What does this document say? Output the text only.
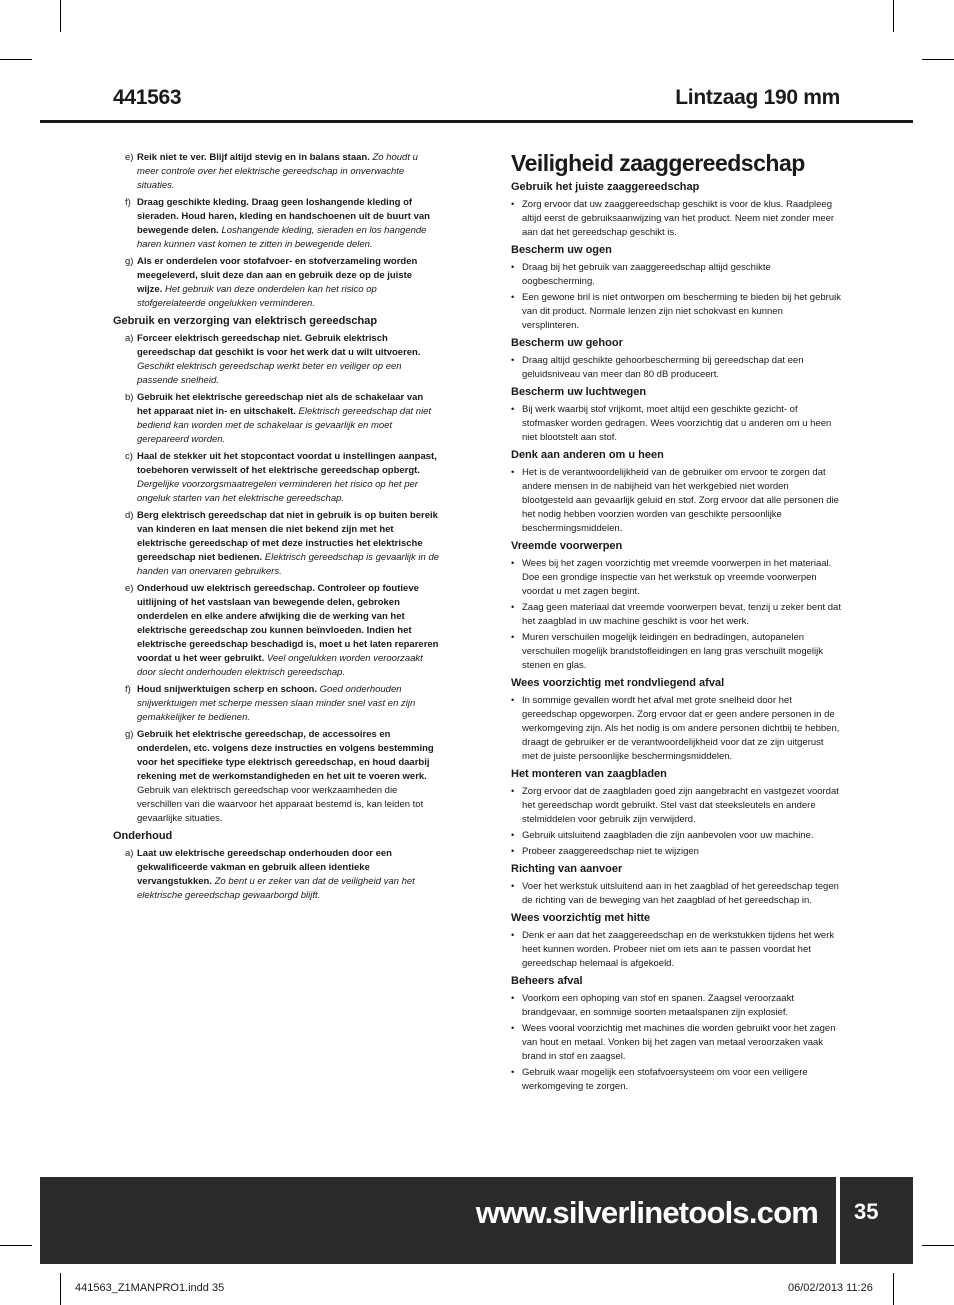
441563	Lintzaag 190 mm
e) Reik niet te ver. Blijf altijd stevig en in balans staan. Zo houdt u meer controle over het elektrische gereedschap in onverwachte situaties.
f) Draag geschikte kleding. Draag geen loshangende kleding of sieraden. Houd haren, kleding en handschoenen uit de buurt van bewegende delen. Loshangende kleding, sieraden en los hangende haren kunnen vast komen te zitten in bewegende delen.
g) Als er onderdelen voor stofafvoer- en stofverzameling worden meegeleverd, sluit deze dan aan en gebruik deze op de juiste wijze. Het gebruik van deze onderdelen kan het risico op stofgerelateerde ongelukken verminderen.
Gebruik en verzorging van elektrisch gereedschap
a) Forceer elektrisch gereedschap niet. Gebruik elektrisch gereedschap dat geschikt is voor het werk dat u wilt uitvoeren. Geschikt elektrisch gereedschap werkt beter en veiliger op een passende snelheid.
b) Gebruik het elektrische gereedschap niet als de schakelaar van het apparaat niet in- en uitschakelt. Elektrisch gereedschap dat niet bediend kan worden met de schakelaar is gevaarlijk en moet gerepareerd worden.
c) Haal de stekker uit het stopcontact voordat u instellingen aanpast, toebehoren verwisselt of het elektrische gereedschap opbergt. Dergelijke voorzorgsmaatregelen verminderen het risico op het per ongeluk starten van het elektrische gereedschap.
d) Berg elektrisch gereedschap dat niet in gebruik is op buiten bereik van kinderen en laat mensen die niet bekend zijn met het elektrische gereedschap of met deze instructies het elektrische gereedschap niet bedienen. Elektrisch gereedschap is gevaarlijk in de handen van onervaren gebruikers.
e) Onderhoud uw elektrisch gereedschap. Controleer op foutieve uitlijning of het vastslaan van bewegende delen, gebroken onderdelen en elke andere afwijking die de werking van het elektrische gereedschap zou kunnen beïnvloeden. Indien het elektrische gereedschap beschadigd is, moet u het laten repareren voordat u het weer gebruikt. Veel ongelukken worden veroorzaakt door slecht onderhouden elektrisch gereedschap.
f) Houd snijwerktuigen scherp en schoon. Goed onderhouden snijwerktuigen met scherpe messen slaan minder snel vast en zijn gemakkelijker te bedienen.
g) Gebruik het elektrische gereedschap, de accessoires en onderdelen, etc. volgens deze instructies en volgens bestemming voor het specifieke type elektrisch gereedschap, en houd daarbij rekening met de werkomstandigheden en het uit te voeren werk. Gebruik van elektrisch gereedschap voor werkzaamheden die verschillen van die waarvoor het apparaat bestemd is, kan leiden tot gevaarlijke situaties.
Onderhoud
a) Laat uw elektrische gereedschap onderhouden door een gekwalificeerde vakman en gebruik alleen identieke vervangstukken. Zo bent u er zeker van dat de veiligheid van het elektrische gereedschap gewaarborgd blijft.
Veiligheid zaaggereedschap
Gebruik het juiste zaaggereedschap
• Zorg ervoor dat uw zaaggereedschap geschikt is voor de klus. Raadpleeg altijd eerst de gebruiksaanwijzing van het product. Neem niet zonder meer aan dat het gereedschap geschikt is.
Bescherm uw ogen
• Draag bij het gebruik van zaaggereedschap altijd geschikte oogbescherming.
• Een gewone bril is niet ontworpen om bescherming te bieden bij het gebruik van dit product. Normale lenzen zijn niet schokvast en kunnen versplinteren.
Bescherm uw gehoor
• Draag altijd geschikte gehoorbescherming bij gereedschap dat een geluidsniveau van meer dan 80 dB produceert.
Bescherm uw luchtwegen
• Bij werk waarbij stof vrijkomt, moet altijd een geschikte gezicht- of stofmasker worden gedragen. Wees voorzichtig dat u anderen om u heen niet blootstelt aan stof.
Denk aan anderen om u heen
• Het is de verantwoordelijkheid van de gebruiker om ervoor te zorgen dat andere mensen in de nabijheid van het werkgebied niet worden blootgesteld aan gevaarlijk geluid en stof. Zorg ervoor dat alle personen die het nodig hebben voorzien worden van geschikte persoonlijke beschermingsmiddelen.
Vreemde voorwerpen
• Wees bij het zagen voorzichtig met vreemde voorwerpen in het materiaal. Doe een grondige inspectie van het werkstuk op vreemde voorwerpen voordat u met zagen begint.
• Zaag geen materiaal dat vreemde voorwerpen bevat, tenzij u zeker bent dat het zaagblad in uw machine geschikt is voor het werk.
• Muren verschuilen mogelijk leidingen en bedradingen, autopanelen verschuilen mogelijk brandstofleidingen en lang gras verschuilt mogelijk stenen en glas.
Wees voorzichtig met rondvliegend afval
• In sommige gevallen wordt het afval met grote snelheid door het gereedschap opgeworpen. Zorg ervoor dat er geen andere personen in de werkomgeving zijn. Als het nodig is om andere personen dichtbij te hebben, draagt de gebruiker er de verantwoordelijkheid voor dat ze zijn uitgerust met de juiste persoonlijke beschermingsmiddelen.
Het monteren van zaagbladen
• Zorg ervoor dat de zaagbladen goed zijn aangebracht en vastgezet voordat het gereedschap wordt gebruikt. Stel vast dat steeksleutels en andere stelmiddelen voor gebruik zijn verwijderd.
• Gebruik uitsluitend zaagbladen die zijn aanbevolen voor uw machine.
• Probeer zaaggereedschap niet te wijzigen
Richting van aanvoer
• Voer het werkstuk uitsluitend aan in het zaagblad of het gereedschap tegen de richting van de beweging van het zaagblad of het gereedschap in.
Wees voorzichtig met hitte
• Denk er aan dat het zaaggereedschap en de werkstukken tijdens het werk heet kunnen worden. Probeer niet om iets aan te passen voordat het gereedschap helemaal is afgekoeld.
Beheers afval
• Voorkom een ophoping van stof en spanen. Zaagsel veroorzaakt brandgevaar, en sommige soorten metaalspanen zijn explosief.
• Wees vooral voorzichtig met machines die worden gebruikt voor het zagen van hout en metaal. Vonken bij het zagen van metaal veroorzaken vaak brand in stof en zaagsel.
• Gebruik waar mogelijk een stofafvoersysteem om voor een veiligere werkomgeving te zorgen.
www.silverlinetools.com 35
441563_Z1MANPRO1.indd 35	06/02/2013 11:26
